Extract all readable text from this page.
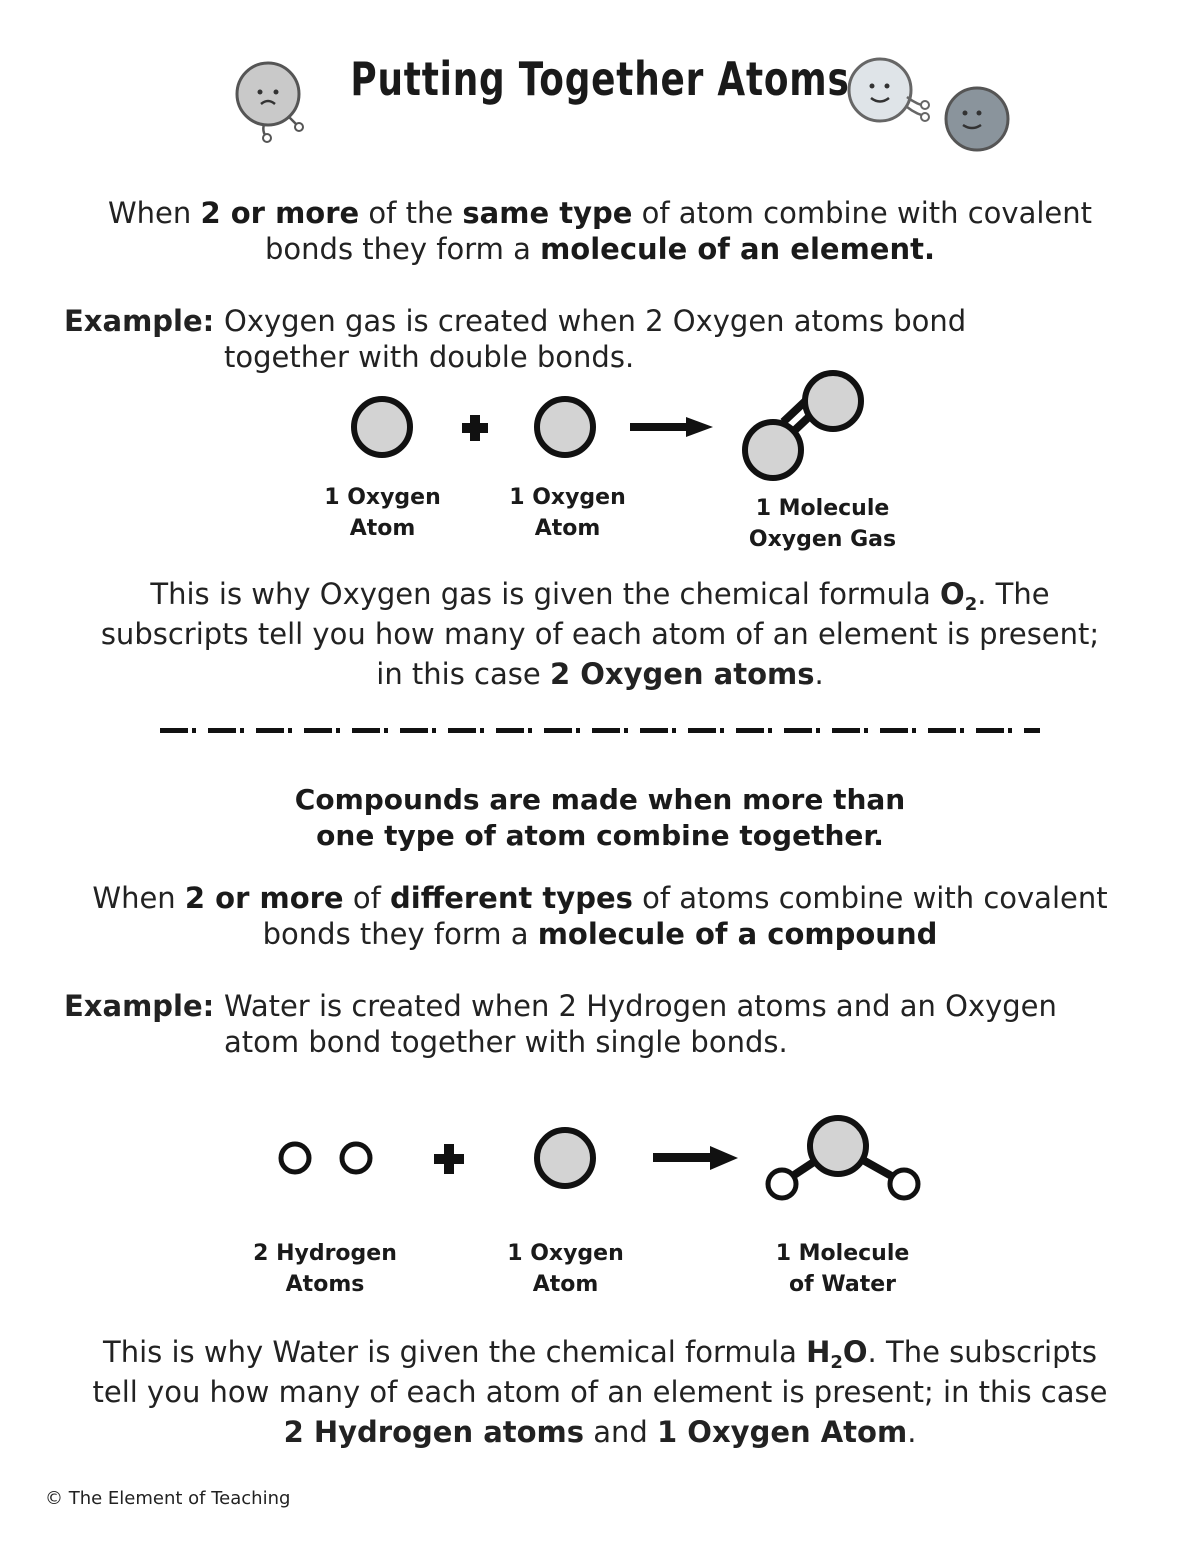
Putting Together Atoms
When 2 or more of the same type of atom combine with covalent
bonds they form a molecule of an element.
Example: Oxygen gas is created when 2 Oxygen atoms bond
together with double bonds.
1 Oxygen
Atom
1 Oxygen
Atom
1 Molecule
Oxygen Gas
This is why Oxygen gas is given the chemical formula $O_2$. The
subscripts tell you how many of each atom of an element is present;
in this case 2 Oxygen atoms.
Compounds are made when more than
one type of atom combine together.
When 2 or more of different types of atoms combine with covalent
bonds they form a molecule of a compound
Example: Water is created when 2 Hydrogen atoms and an Oxygen
atom bond together with single bonds.
2 Hydrogen
Atoms
1 Oxygen
Atom
1 Molecule
of Water
This is why Water is given the chemical formula $H_2O$. The subscripts
tell you how many of each atom of an element is present; in this case
2 Hydrogen atoms and 1 Oxygen Atom.
© The Element of Teaching
